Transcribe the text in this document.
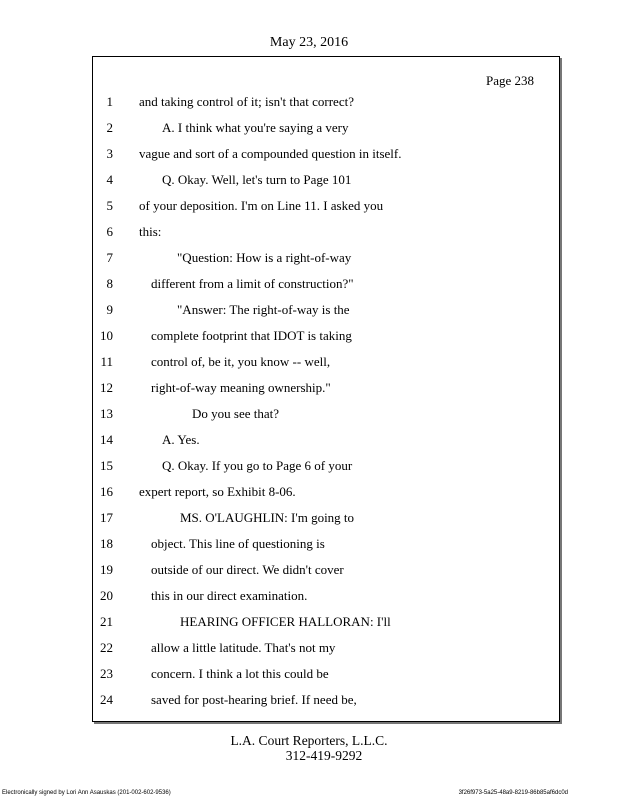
May 23, 2016
Page 238
1 and taking control of it; isn't that correct?
2	A. I think what you're saying a very
3 vague and sort of a compounded question in itself.
4	Q. Okay. Well, let's turn to Page 101
5 of your deposition. I'm on Line 11. I asked you
6 this:
7	"Question: How is a right-of-way
8	different from a limit of construction?"
9	"Answer: The right-of-way is the
10	complete footprint that IDOT is taking
11	control of, be it, you know -- well,
12	right-of-way meaning ownership."
13	Do you see that?
14	A. Yes.
15	Q. Okay. If you go to Page 6 of your
16 expert report, so Exhibit 8-06.
17	MS. O'LAUGHLIN: I'm going to
18	object. This line of questioning is
19	outside of our direct. We didn't cover
20	this in our direct examination.
21	HEARING OFFICER HALLORAN: I'll
22	allow a little latitude. That's not my
23	concern. I think a lot this could be
24	saved for post-hearing brief. If need be,
L.A. Court Reporters, L.L.C.
312-419-9292
Electronically signed by Lori Ann Asauskas (201-002-602-9536)	3f26f973-5a25-48a9-8219-86b85af6dc0d
